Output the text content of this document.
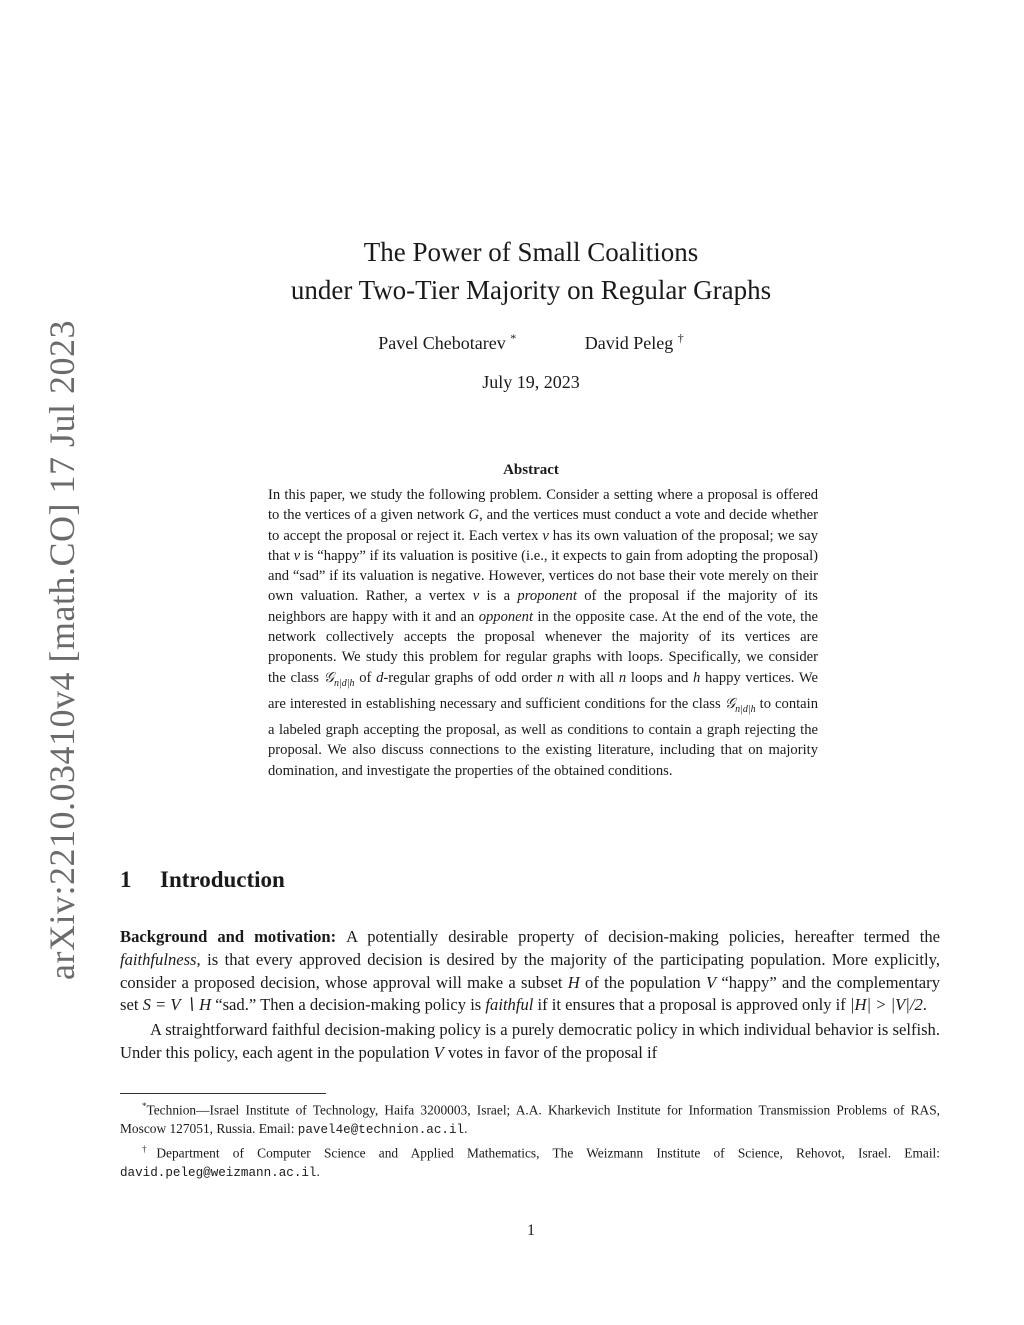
arXiv:2210.03410v4 [math.CO] 17 Jul 2023
The Power of Small Coalitions
under Two-Tier Majority on Regular Graphs
Pavel Chebotarev *	David Peleg †
July 19, 2023
Abstract
In this paper, we study the following problem. Consider a setting where a proposal is offered to the vertices of a given network G, and the vertices must conduct a vote and decide whether to accept the proposal or reject it. Each vertex v has its own valuation of the proposal; we say that v is “happy” if its valuation is positive (i.e., it expects to gain from adopting the proposal) and “sad” if its valuation is negative. However, vertices do not base their vote merely on their own valuation. Rather, a vertex v is a proponent of the proposal if the majority of its neighbors are happy with it and an opponent in the opposite case. At the end of the vote, the network collectively accepts the proposal whenever the majority of its vertices are proponents. We study this problem for regular graphs with loops. Specifically, we consider the class 𝒢$_{n|d|h}$ of d-regular graphs of odd order n with all n loops and h happy vertices. We are interested in establishing necessary and sufficient conditions for the class 𝒢$_{n|d|h}$ to contain a labeled graph accepting the proposal, as well as conditions to contain a graph rejecting the proposal. We also discuss connections to the existing literature, including that on majority domination, and investigate the properties of the obtained conditions.
1 Introduction

Background and motivation: A potentially desirable property of decision-making policies, hereafter termed the faithfulness, is that every approved decision is desired by the majority of the participating population. More explicitly, consider a proposed decision, whose approval will make a subset H of the population V “happy” and the complementary set S = V ∖ H “sad.” Then a decision-making policy is faithful if it ensures that a proposal is approved only if |H| > |V|/2.

A straightforward faithful decision-making policy is a purely democratic policy in which individual behavior is selfish. Under this policy, each agent in the population V votes in favor of the proposal if

*Technion—Israel Institute of Technology, Haifa 3200003, Israel; A.A. Kharkevich Institute for Information Transmission Problems of RAS, Moscow 127051, Russia. Email: pavel4e@technion.ac.il.

†Department of Computer Science and Applied Mathematics, The Weizmann Institute of Science, Rehovot, Israel. Email: david.peleg@weizmann.ac.il.

1
